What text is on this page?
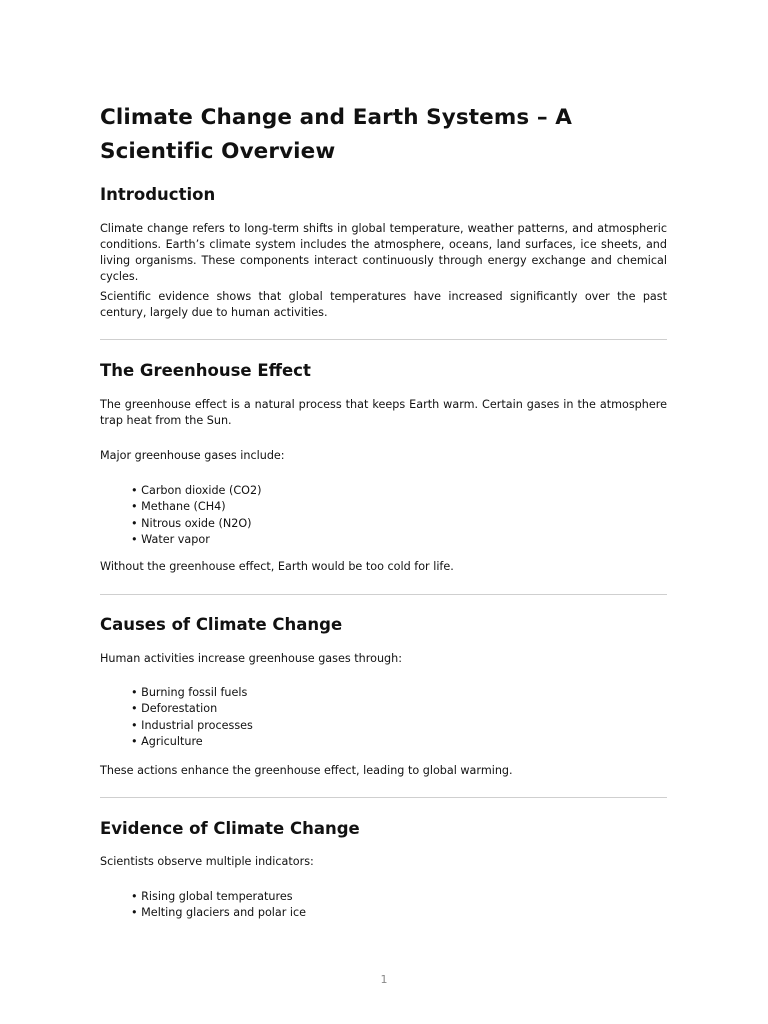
Climate Change and Earth Systems – A Scientific Overview
Introduction

Climate change refers to long-term shifts in global temperature, weather patterns, and atmospheric conditions. Earth’s climate system includes the atmosphere, oceans, land surfaces, ice sheets, and living organisms. These components interact continuously through energy exchange and chemical cycles.

Scientific evidence shows that global temperatures have increased significantly over the past century, largely due to human activities.

The Greenhouse Effect

The greenhouse effect is a natural process that keeps Earth warm. Certain gases in the atmosphere trap heat from the Sun.

Major greenhouse gases include:

• Carbon dioxide (CO2)
• Methane (CH4)
• Nitrous oxide (N2O)
• Water vapor

Without the greenhouse effect, Earth would be too cold for life.

Causes of Climate Change

Human activities increase greenhouse gases through:

• Burning fossil fuels
• Deforestation
• Industrial processes
• Agriculture

These actions enhance the greenhouse effect, leading to global warming.

Evidence of Climate Change

Scientists observe multiple indicators:

• Rising global temperatures
• Melting glaciers and polar ice
1
